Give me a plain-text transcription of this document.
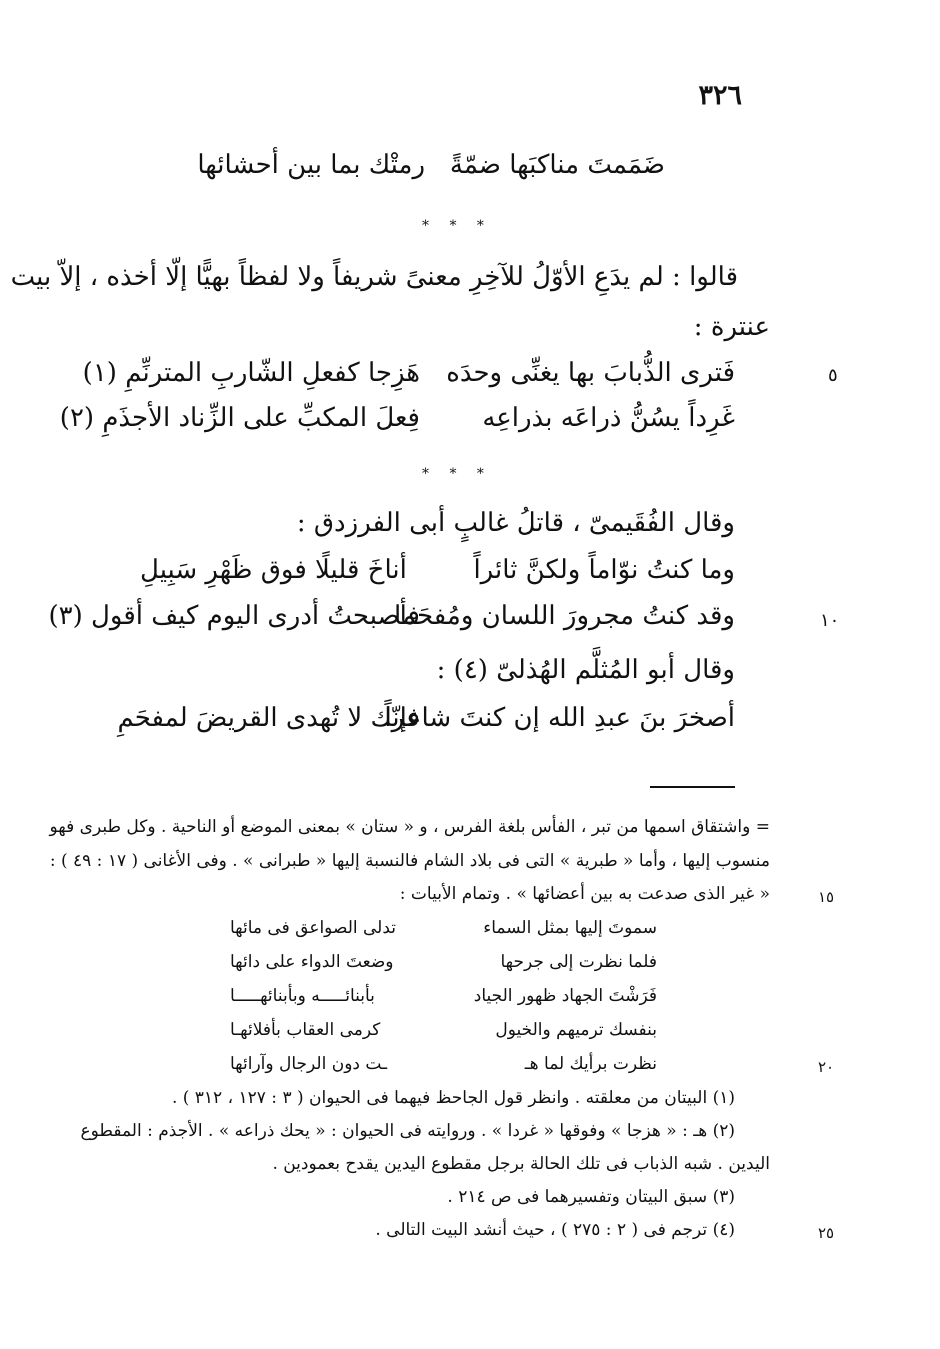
٣٢٦
ضَمَمتَ مناكبَها ضمّةً
رمتْك بما بين أحشائها
* * *
قالوا : لم يدَعِ الأوّلُ للآخِرِ معنىً شريفاً ولا لفظاً بهيًّا إلّا أخذه ، إلاّ بيت
عنترة :
٥
فَترى الذُّبابَ بها يغنِّى وحدَه
هَزِجا كفعلِ الشّاربِ المترنِّمِ (١)
غَرِداً يسُنُّ ذراعَه بذراعِه
فِعلَ المكبِّ على الزِّناد الأجذَمِ (٢)
* * *
وقال الفُقَيمىّ ، قاتلُ غالبٍ أبى الفرزدق :
وما كنتُ نوّاماً ولكنَّ ثائراً
أناخَ قليلًا فوق ظَهْرِ سَبِيلِ
١٠
وقد كنتُ مجرورَ اللسان ومُفحَما
فأصبحتُ أدرى اليوم كيف أقول (٣)
وقال أبو المُثلَّم الهُذلىّ (٤) :
أصخرَ بنَ عبدِ الله إن كنتَ شاعراً
فإنّك لا تُهدى القريضَ لمفحَمِ
= واشتقاق اسمها من تبر ، الفأس بلغة الفرس ، و « ستان » بمعنى الموضع أو الناحية . وكل طبرى فهو
منسوب إليها ، وأما « طبرية » التى فى بلاد الشام فالنسبة إليها « طبرانى » . وفى الأغانى ( ١٧ : ٤٩ ) :
١٥
« غير الذى صدعت به بين أعضائها » . وتمام الأبيات :
سموتَ إليها بمثل السماء
تدلى الصواعق فى مائها
فلما نظرت إلى جرحها
وضعتَ الدواء على دائها
فَرَشْتَ الجهاد ظهور الجياد
بأبنائـــــه وبأبنائهـــــا
بنفسك ترميهم والخيول
كرمى العقاب بأفلائهـا
٢٠
نظرت برأيك لما هـ
ـت دون الرجال وآرائها
(١) البيتان من معلقته . وانظر قول الجاحظ فيهما فى الحيوان ( ٣ : ١٢٧ ، ٣١٢ ) .
(٢) هـ : « هزجا » وفوقها « غردا » . وروايته فى الحيوان : « يحك ذراعه » . الأجذم : المقطوع
اليدين . شبه الذباب فى تلك الحالة برجل مقطوع اليدين يقدح بعمودين .
(٣) سبق البيتان وتفسيرهما فى ص ٢١٤ .
٢٥
(٤) ترجم فى ( ٢ : ٢٧٥ ) ، حيث أنشد البيت التالى .
